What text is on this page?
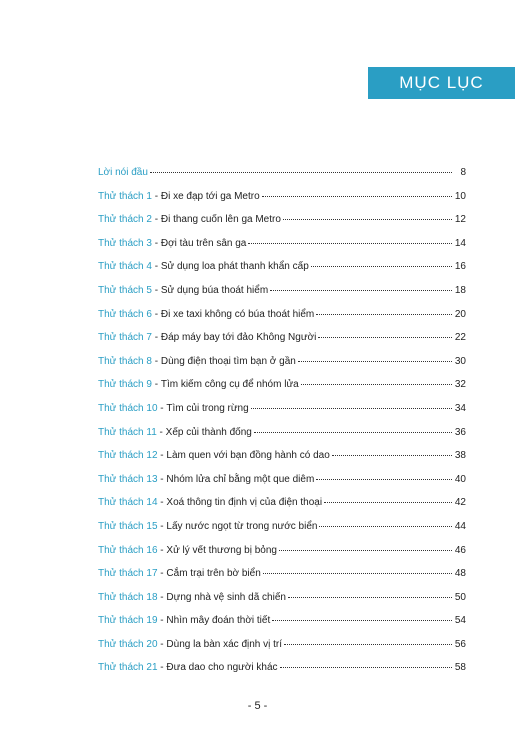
MỤC LỤC
Lời nói đầu	8
Thử thách 1 - Đi xe đạp tới ga Metro	10
Thử thách 2 - Đi thang cuốn lên ga Metro	12
Thử thách 3 - Đợi tàu trên sân ga	14
Thử thách 4 - Sử dụng loa phát thanh khẩn cấp	16
Thử thách 5 - Sử dụng búa thoát hiểm	18
Thử thách 6 - Đi xe taxi không có búa thoát hiểm	20
Thử thách 7 - Đáp máy bay tới đảo Không Người	22
Thử thách 8 - Dùng điện thoại tìm bạn ở gần	30
Thử thách 9 - Tìm kiếm công cụ để nhóm lửa	32
Thử thách 10 - Tìm củi trong rừng	34
Thử thách 11 - Xếp củi thành đống	36
Thử thách 12 - Làm quen với bạn đồng hành có dao	38
Thử thách 13 - Nhóm lửa chỉ bằng một que diêm	40
Thử thách 14 - Xoá thông tin định vị của điện thoại	42
Thử thách 15 - Lấy nước ngọt từ trong nước biển	44
Thử thách 16 - Xử lý vết thương bị bỏng	46
Thử thách 17 - Cắm trại trên bờ biển	48
Thử thách 18 - Dựng nhà vệ sinh dã chiến	50
Thử thách 19 - Nhìn mây đoán thời tiết	54
Thử thách 20 - Dùng la bàn xác định vị trí	56
Thử thách 21 - Đưa dao cho người khác	58
- 5 -
